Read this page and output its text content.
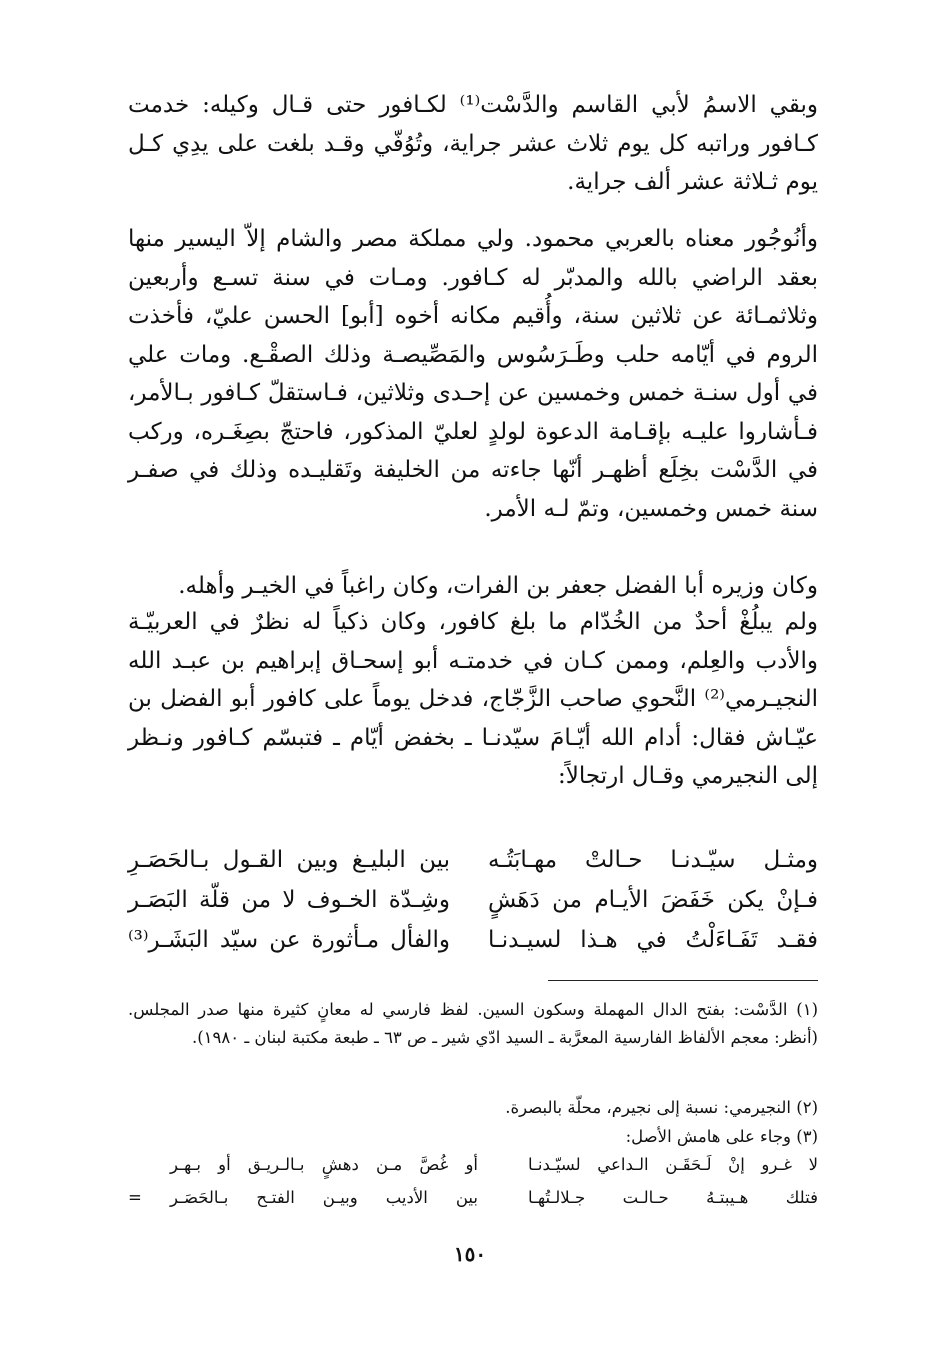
وبقي الاسمُ لأبي القاسم والدَّسْت⁽¹⁾ لكـافور حتى قـال وكيله: خدمت كـافور وراتبه كل يوم ثلاث عشر جراية، وتُوُفّي وقـد بلغت على يدِي كـل يوم ثـلاثة عشر ألف جراية.

وأنُوجُور معناه بالعربي محمود. ولي مملكة مصر والشام إلاّ اليسير منها بعقد الراضي بالله والمدبّر له كـافور. ومـات في سنة تسـع وأربعين وثلاثمـائة عن ثلاثين سنة، وأُقيم مكانه أخوه [أبو] الحسن عليّ، فأخذت الروم في أيّامه حلب وطَـرَسُوس والمَصِّيصـة وذلك الصقْـع. ومات علي في أول سنـة خمس وخمسين عن إحـدى وثلاثين، فـاستقلّ كـافور بـالأمر، فـأشاروا عليـه بإقـامة الدعوة لولدٍ لعليّ المذكور، فاحتجّ بصِغَـره، وركب في الدَّسْت بخِلَع أظهـر أنّها جاءته من الخليفة وتَقليـده وذلك في صفـر سنة خمس وخمسين، وتمّ لـه الأمر.

وكان وزيره أبا الفضل جعفر بن الفرات، وكان راغباً في الخيـر وأهله.

ولم يبلُغْ أحدٌ من الخُدّام ما بلغ كافور، وكان ذكياً له نظرٌ في العربيّـة والأدب والعِلم، وممن كـان في خدمتـه أبو إسحـاق إبراهيم بن عبـد الله النجيـرمي⁽²⁾ النَّحوي صاحب الزَّجّاج، فدخل يوماً على كافور أبو الفضل بن عيّـاش فقال: أدام الله أيّـامَ سيّدنـا ـ بخفض أيّام ـ فتبسّم كـافور ونـظر إلى النجيرمي وقـال ارتجالاً:

ومثـل سيّـدنـا حـالتْ مهـابَتُـه
بين البليـغ وبين القـول بـالحَصَـرِ
فـإنْ يكن خَفَضَ الأيـام من دَهَشٍ
وشِـدّة الخـوف لا من قلّة البَصَـر
فقـد تَفَـاءَلْتُ في هـذا لسيـدنـا
والفأل مـأثورة عن سيّد البَشَـر⁽³⁾

(١) الدَّسْت: بفتح الدال المهملة وسكون السين. لفظ فارسي له معانٍ كثيرة منها صدر المجلس. (أنظر: معجم الألفاظ الفارسية المعرَّبة ـ السيد ادّي شير ـ ص ٦٣ ـ طبعة مكتبة لبنان ـ ١٩٨٠).

(٢) النجيرمي: نسبة إلى نجيرم، محلّة بالبصرة.

(٣) وجاء على هامش الأصل:

لا غـرو إنْ لَـحَقَـن الـداعي لسيّـدنـا
أو غُصَّ مـن دهشٍ بـالـريـق أو بـهـر
فتلك هـيبتـهُ حـالـت جـلالـتُهـا
بين الأديب وبيـن الفتـح بـالحَصَـر
=
١٥٠
